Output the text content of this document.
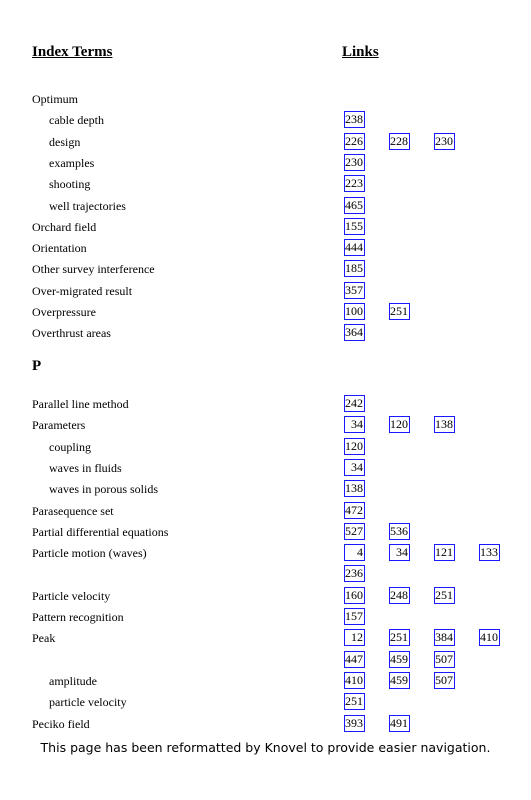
Index Terms	Links
Optimum
cable depth	238
design	226 228 230
examples	230
shooting	223
well trajectories	465
Orchard field	155
Orientation	444
Other survey interference	185
Over-migrated result	357
Overpressure	100 251
Overthrust areas	364
P
Parallel line method	242
Parameters	34 120 138
coupling	120
waves in fluids	34
waves in porous solids	138
Parasequence set	472
Partial differential equations	527 536
Particle motion (waves)	4	34 121 133
236
Particle velocity	160 248 251
Pattern recognition	157
Peak	12 251 384 410
447 459 507
amplitude	410 459 507
particle velocity	251
Peciko field	393 491
This page has been reformatted by Knovel to provide easier navigation.
